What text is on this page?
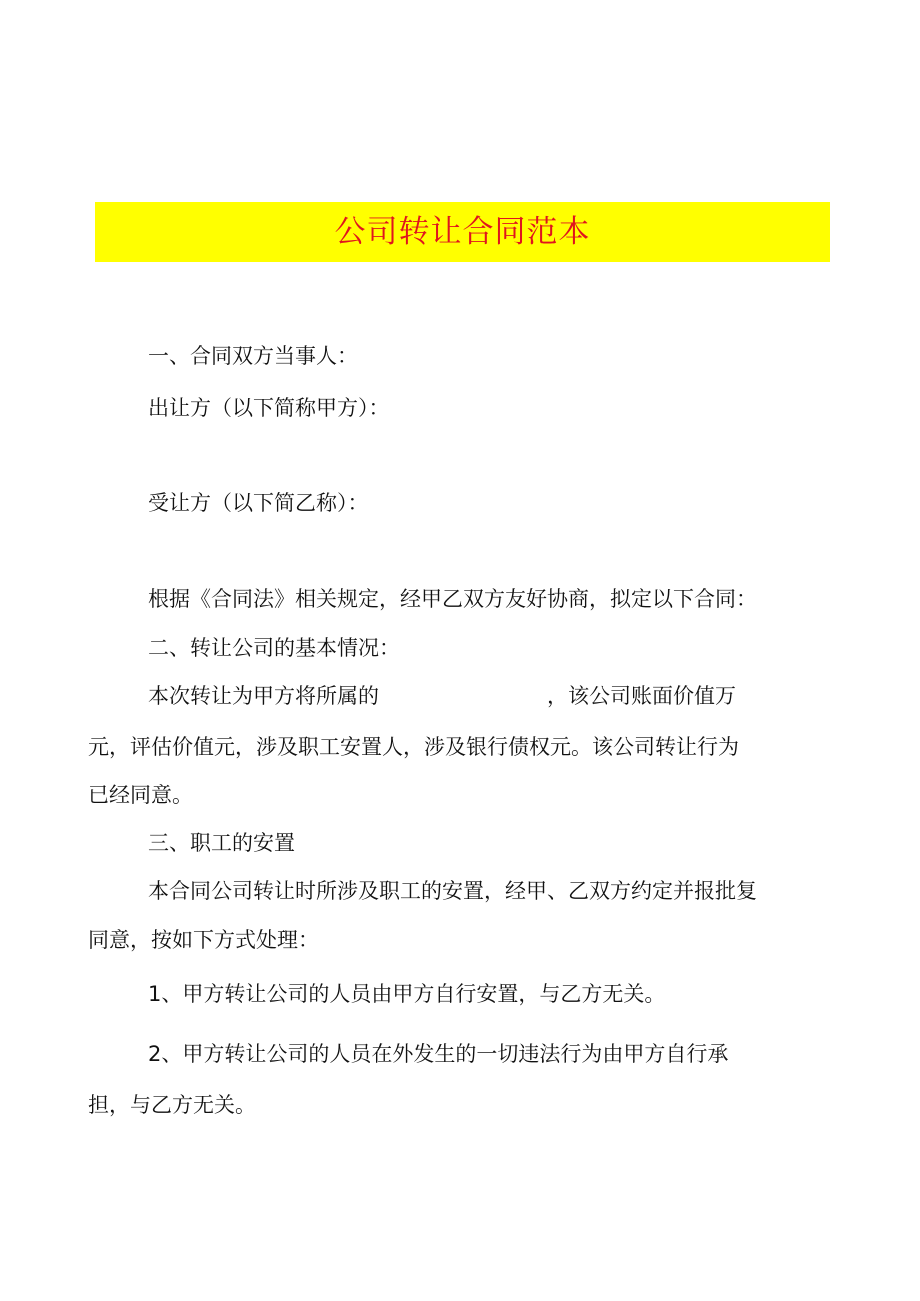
公司转让合同范本
一、合同双方当事人：
出让方（以下简称甲方）：
受让方（以下简乙称）：
根据《合同法》相关规定，经甲乙双方友好协商，拟定以下合同：
二、转让公司的基本情况：
本次转让为甲方将所属的	，该公司账面价值万
元，评估价值元，涉及职工安置人，涉及银行债权元。该公司转让行为
已经同意。
三、职工的安置
本合同公司转让时所涉及职工的安置，经甲、乙双方约定并报批复
同意，按如下方式处理：
1、甲方转让公司的人员由甲方自行安置，与乙方无关。
2、甲方转让公司的人员在外发生的一切违法行为由甲方自行承
担，与乙方无关。
